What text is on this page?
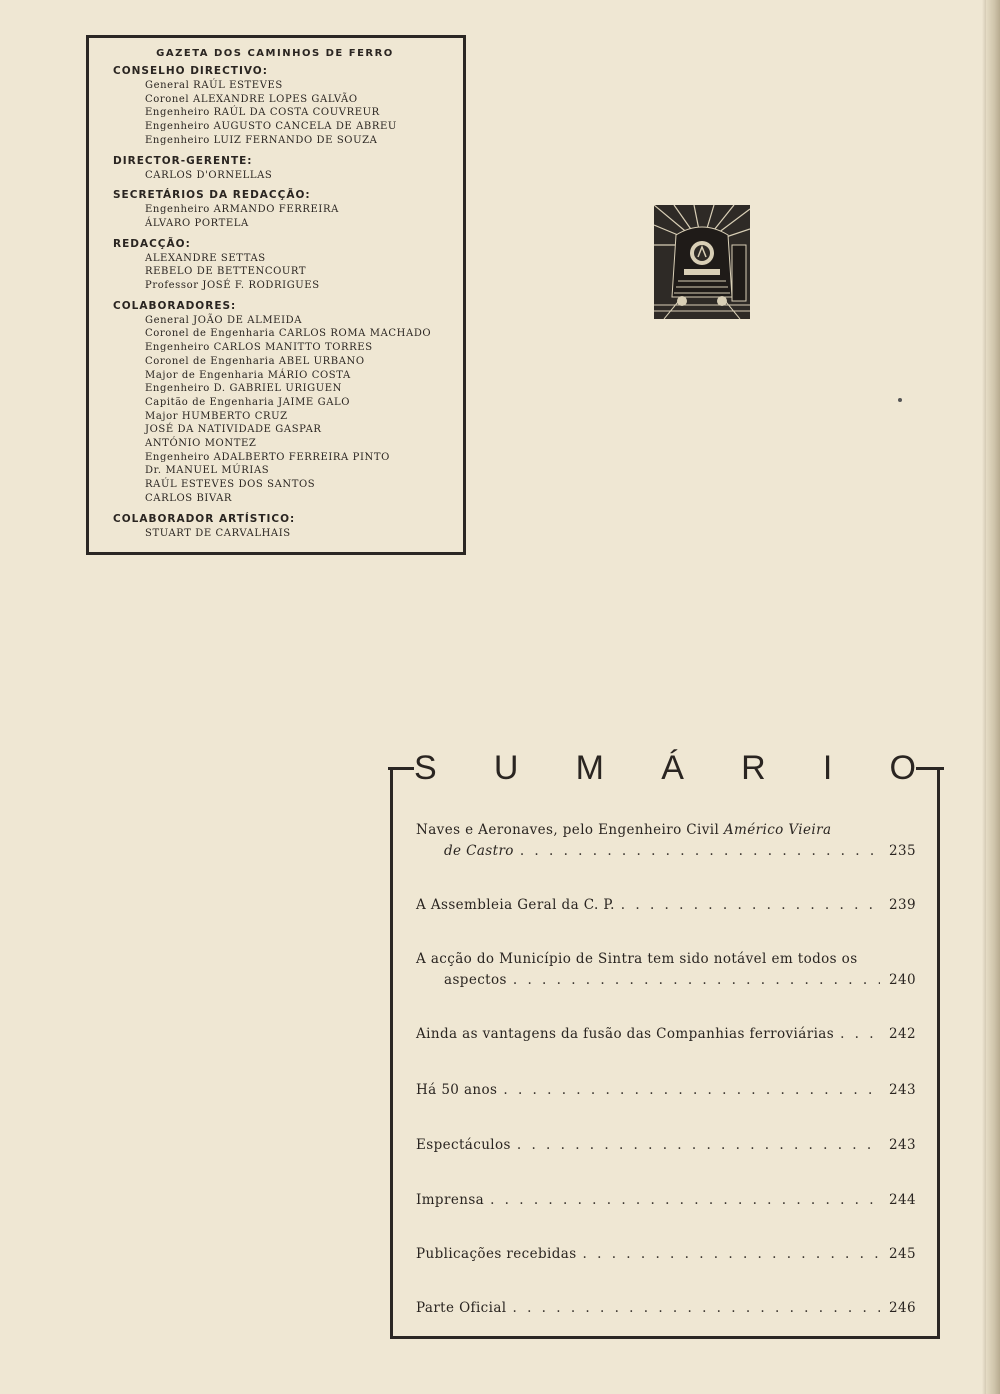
GAZETA DOS CAMINHOS DE FERRO
CONSELHO DIRECTIVO:
General RAÚL ESTEVES
Coronel ALEXANDRE LOPES GALVÃO
Engenheiro RAÚL DA COSTA COUVREUR
Engenheiro AUGUSTO CANCELA DE ABREU
Engenheiro LUIZ FERNANDO DE SOUZA
DIRECTOR-GERENTE:
CARLOS D'ORNELLAS
SECRETÁRIOS DA REDACÇÃO:
Engenheiro ARMANDO FERREIRA
ÁLVARO PORTELA
REDACÇÃO:
ALEXANDRE SETTAS
REBELO DE BETTENCOURT
Professor JOSÉ F. RODRIGUES
COLABORADORES:
General JOÃO DE ALMEIDA
Coronel de Engenharia CARLOS ROMA MACHADO
Engenheiro CARLOS MANITTO TORRES
Coronel de Engenharia ABEL URBANO
Major de Engenharia MÁRIO COSTA
Engenheiro D. GABRIEL URIGUEN
Capitão de Engenharia JAIME GALO
Major HUMBERTO CRUZ
JOSÉ DA NATIVIDADE GASPAR
ANTÓNIO MONTEZ
Engenheiro ADALBERTO FERREIRA PINTO
Dr. MANUEL MÚRIAS
RAÚL ESTEVES DOS SANTOS
CARLOS BIVAR
COLABORADOR ARTÍSTICO:
STUART DE CARVALHAIS
S U M Á R I O
Naves e Aeronaves, pelo Engenheiro Civil Américo Vieira
de Castro . . .	235
A Assembleia Geral da C. P. . . .	239
A acção do Município de Sintra tem sido notável em todos os
aspectos . . .	240
Ainda as vantagens da fusão das Companhias ferroviárias . . .	242
Há 50 anos . . .	243
Espectáculos . . .	243
Imprensa . . .	244
Publicações recebidas . . .	245
Parte Oficial . . .	246
